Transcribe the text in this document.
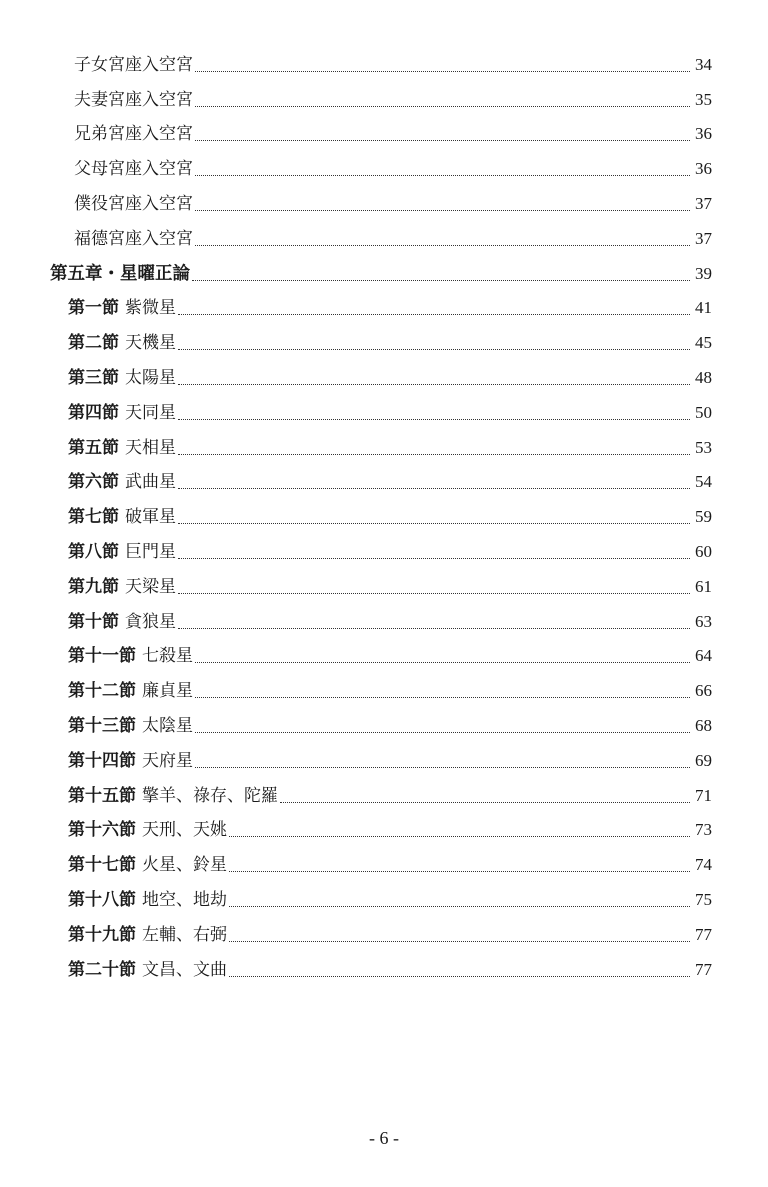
子女宮座入空宮	34
夫妻宮座入空宮	35
兄弟宮座入空宮	36
父母宮座入空宮	36
僕役宮座入空宮	37
福德宮座入空宮	37
第五章・星曜正論	39
第一節 紫微星	41
第二節 天機星	45
第三節 太陽星	48
第四節 天同星	50
第五節 天相星	53
第六節 武曲星	54
第七節 破軍星	59
第八節 巨門星	60
第九節 天梁星	61
第十節 貪狼星	63
第十一節 七殺星	64
第十二節 廉貞星	66
第十三節 太陰星	68
第十四節 天府星	69
第十五節 擎羊、祿存、陀羅	71
第十六節 天刑、天姚	73
第十七節 火星、鈴星	74
第十八節 地空、地劫	75
第十九節 左輔、右弼	77
第二十節 文昌、文曲	77
- 6 -
